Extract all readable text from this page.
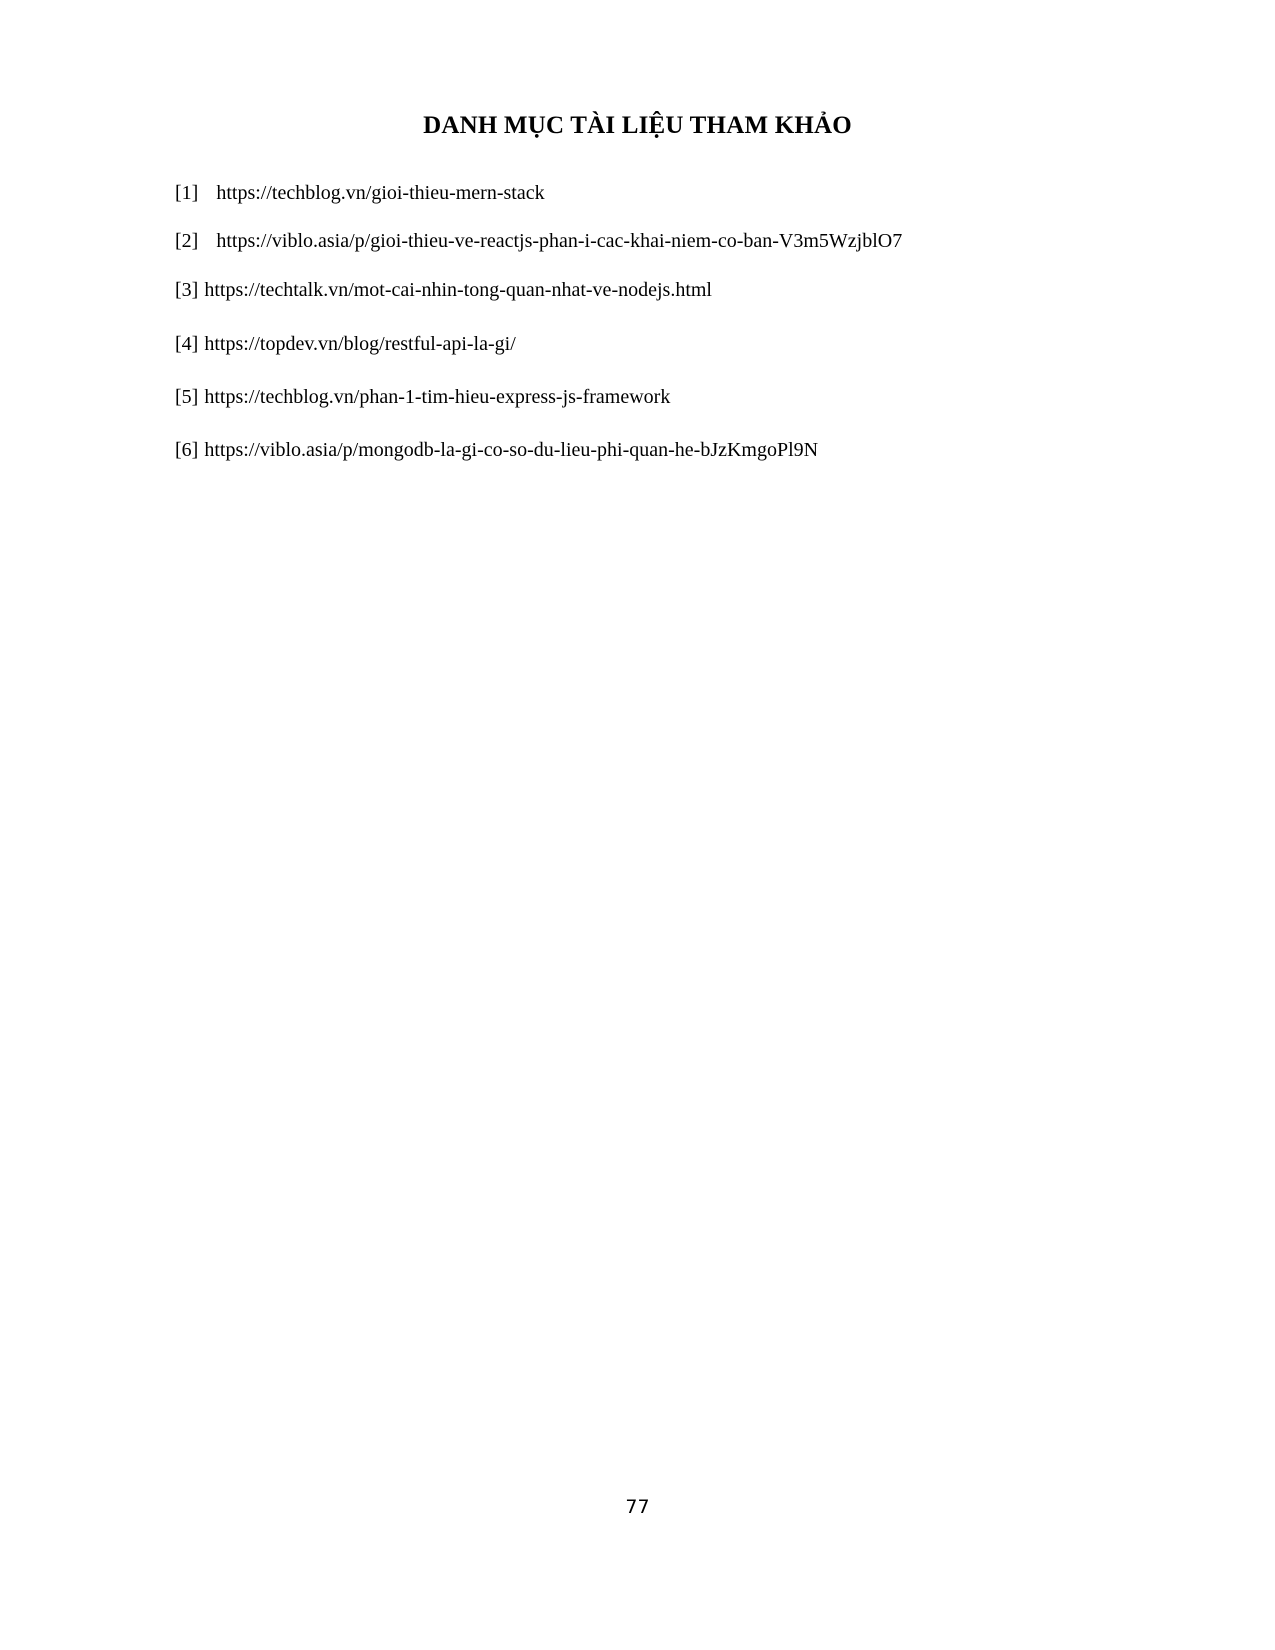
DANH MỤC TÀI LIỆU THAM KHẢO
[1] https://techblog.vn/gioi-thieu-mern-stack
[2] https://viblo.asia/p/gioi-thieu-ve-reactjs-phan-i-cac-khai-niem-co-ban-V3m5WzjblO7
[3] https://techtalk.vn/mot-cai-nhin-tong-quan-nhat-ve-nodejs.html
[4] https://topdev.vn/blog/restful-api-la-gi/
[5] https://techblog.vn/phan-1-tim-hieu-express-js-framework
[6] https://viblo.asia/p/mongodb-la-gi-co-so-du-lieu-phi-quan-he-bJzKmgoPl9N
77
